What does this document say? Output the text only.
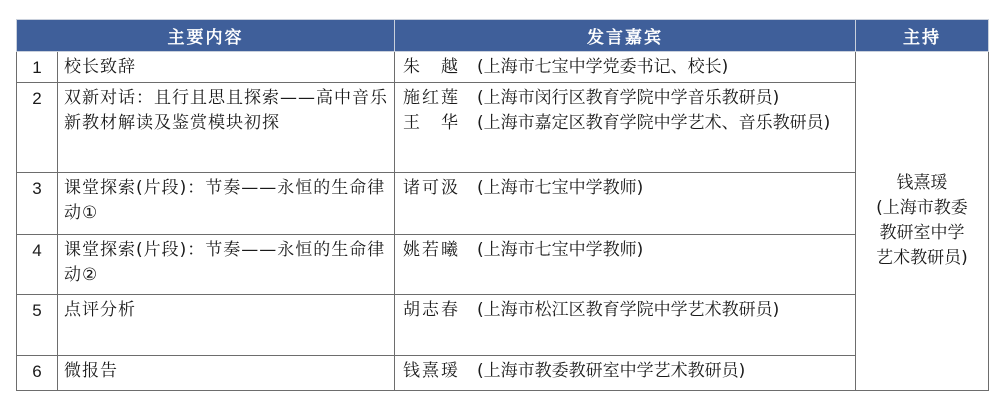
主要内容		发言嘉宾	主持
1	校长致辞	朱　越 (上海市七宝中学党委书记、校长)	钱熹瑗
(上海市教委
教研室中学
艺术教研员)

2	双新对话：且行且思且探索——高中音乐新教材解读及鉴赏模块初探	施红莲 (上海市闵行区教育学院中学音乐教研员)
王　华 (上海市嘉定区教育学院中学艺术、音乐教研员)	

3	课堂探索(片段)：节奏——永恒的生命律动①	诸可汲 (上海市七宝中学教师)	

4	课堂探索(片段)：节奏——永恒的生命律动②	姚若曦 (上海市七宝中学教师)	

5	点评分析	胡志春 (上海市松江区教育学院中学艺术教研员)	

6	微报告	钱熹瑗 (上海市教委教研室中学艺术教研员)	
